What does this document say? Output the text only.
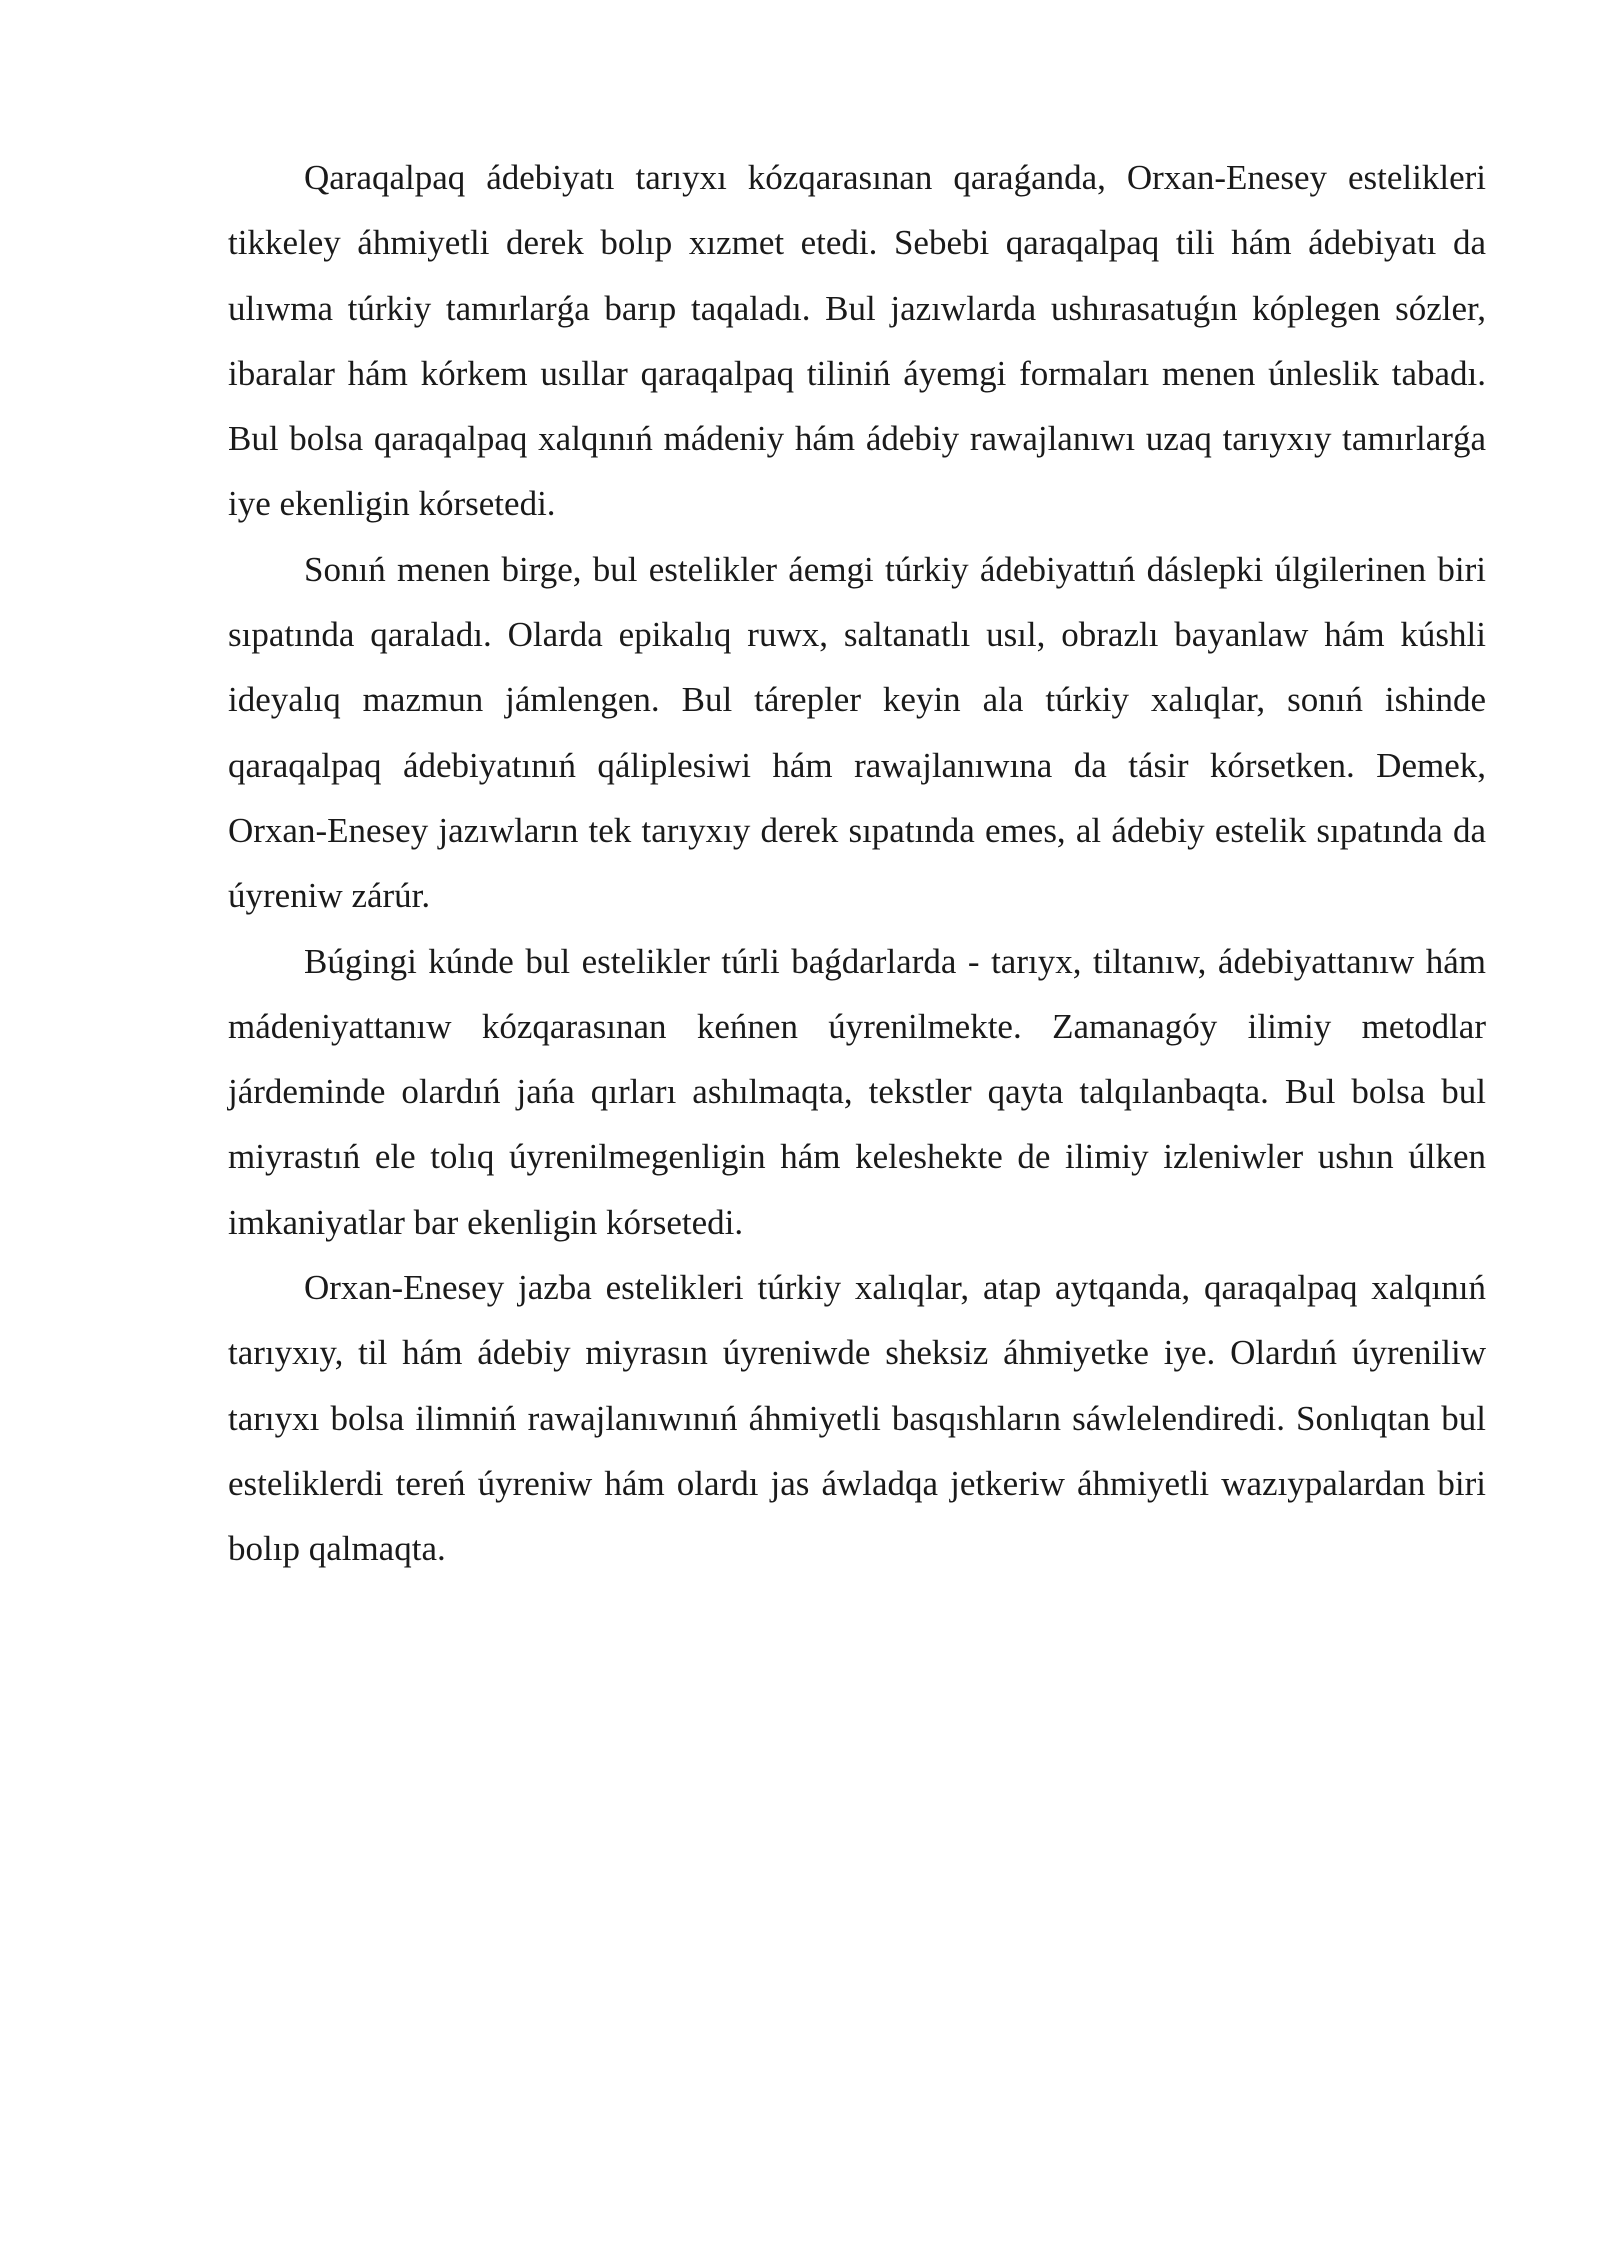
Qaraqalpaq ádebiyatı tarıyxı kózqarasınan qaraǵanda, Orxan-Enesey estelikleri tikkeley áhmiyetli derek bolıp xızmet etedi. Sebebi qaraqalpaq tili hám ádebiyatı da ulıwma túrkiy tamırlarǵa barıp taqaladı. Bul jazıwlarda ushırasatuǵın kóplegen sózler, ibaralar hám kórkem usıllar qaraqalpaq tiliniń áyemgi formaları menen únleslik tabadı. Bul bolsa qaraqalpaq xalqınıń mádeniy hám ádebiy rawajlanıwı uzaq tarıyxıy tamırlarǵa iye ekenligin kórsetedi.

Sonıń menen birge, bul estelikler áemgi túrkiy ádebiyattıń dáslepki úlgilerinen biri sıpatında qaraladı. Olarda epikalıq ruwx, saltanatlı usıl, obrazlı bayanlaw hám kúshli ideyalıq mazmun jámlengen. Bul tárepler keyin ala túrkiy xalıqlar, sonıń ishinde qaraqalpaq ádebiyatınıń qáliplesiwi hám rawajlanıwına da tásir kórsetken. Demek, Orxan-Enesey jazıwların tek tarıyxıy derek sıpatında emes, al ádebiy estelik sıpatında da úyreniw zárúr.

Búgingi kúnde bul estelikler túrli baǵdarlarda - tarıyx, tiltanıw, ádebiyattanıw hám mádeniyattanıw kózqarasınan keńnen úyrenilmekte. Zamanagóy ilimiy metodlar járdeminde olardıń jańa qırları ashılmaqta, tekstler qayta talqılanbaqta. Bul bolsa bul miyrastıń ele tolıq úyrenilmegenligin hám keleshekte de ilimiy izleniwler ushın úlken imkaniyatlar bar ekenligin kórsetedi.

Orxan-Enesey jazba estelikleri túrkiy xalıqlar, atap aytqanda, qaraqalpaq xalqınıń tarıyxıy, til hám ádebiy miyrasın úyreniwde sheksiz áhmiyetke iye. Olardıń úyreniliw tarıyxı bolsa ilimniń rawajlanıwınıń áhmiyetli basqıshların sáwlelendiredi. Sonlıqtan bul esteliklerdi tereń úyreniw hám olardı jas áwladqa jetkeriw áhmiyetli wazıypalardan biri bolıp qalmaqta.
